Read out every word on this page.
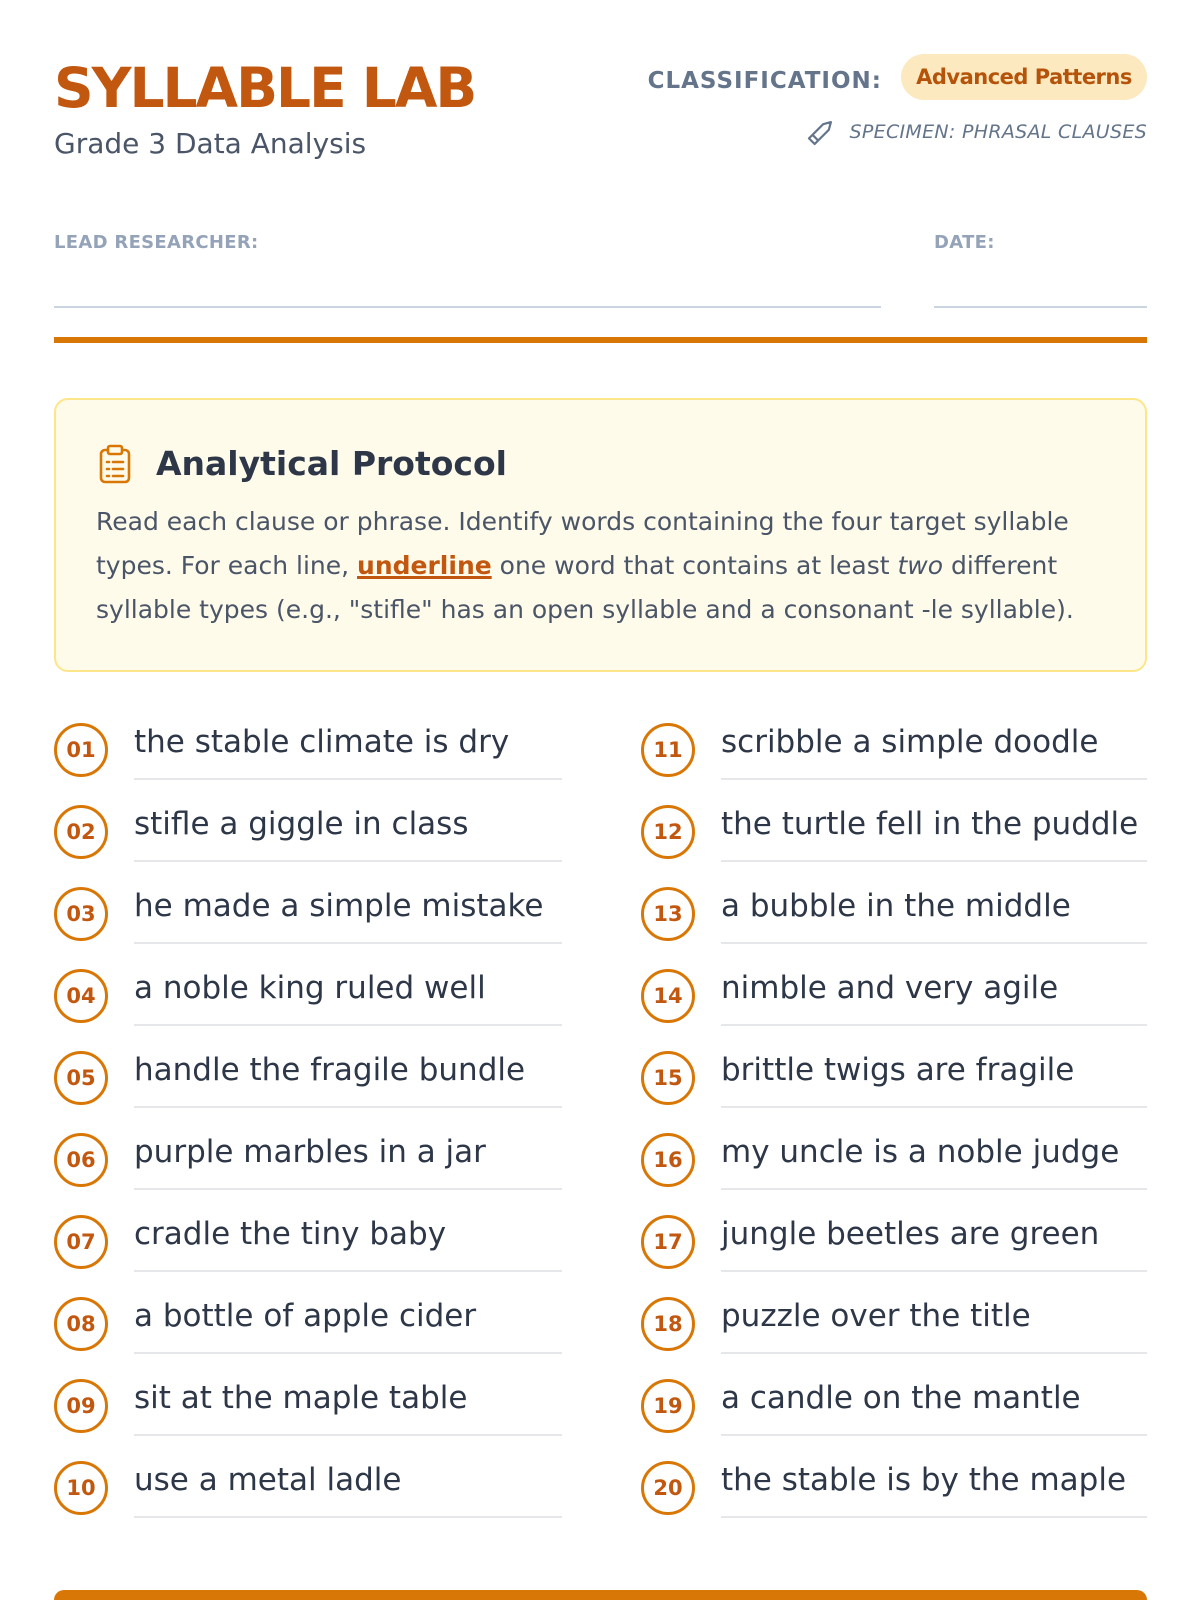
SYLLABLE LAB
Grade 3 Data Analysis
CLASSIFICATION:	Advanced Patterns
SPECIMEN: PHRASAL CLAUSES
LEAD RESEARCHER:	DATE:
Analytical Protocol
Read each clause or phrase. Identify words containing the four target syllable types. For each line, underline one word that contains at least two different syllable types (e.g., "stifle" has an open syllable and a consonant -le syllable).
01	the stable climate is dry
02	stifle a giggle in class
03	he made a simple mistake
04	a noble king ruled well
05	handle the fragile bundle
06	purple marbles in a jar
07	cradle the tiny baby
08	a bottle of apple cider
09	sit at the maple table
10	use a metal ladle
11	scribble a simple doodle
12	the turtle fell in the puddle
13	a bubble in the middle
14	nimble and very agile
15	brittle twigs are fragile
16	my uncle is a noble judge
17	jungle beetles are green
18	puzzle over the title
19	a candle on the mantle
20	the stable is by the maple
